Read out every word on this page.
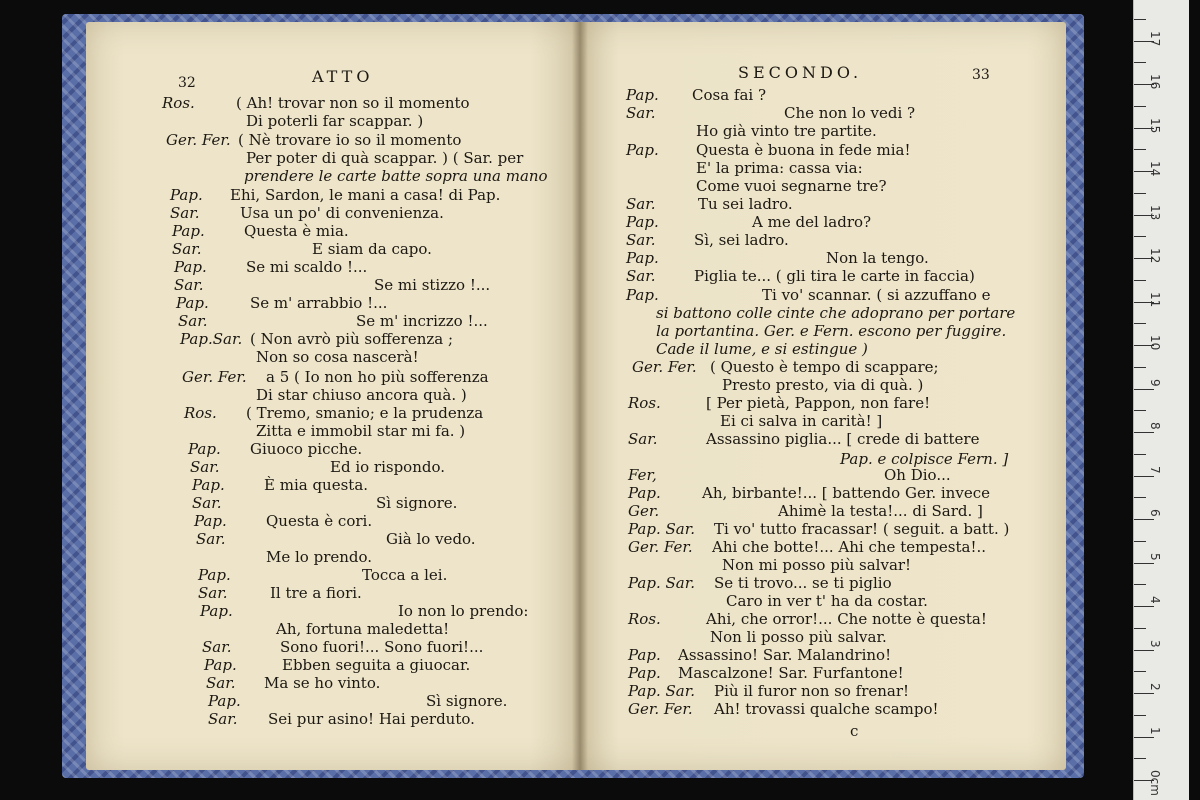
32	ATTO	SECONDO.	33
Ros.	( Ah! trovar non so il momento
Di poterli far scappar. )
Ger. Fer. ( Nè trovare io so il momento
Per poter di quà scappar. ) ( Sar. per
prendere le carte batte sopra una mano
Pap. Ehi, Sardon, le mani a casa! di Pap.
Sar.	Usa un po' di convenienza.
Pap.	Questa è mia.
Sar.	E siam da capo.
Pap.	Se mi scaldo !...
Sar.	Se mi stizzo !...
Pap.	Se m' arrabbio !...
Sar.	Se m' incrizzo !...
Pap.Sar. ( Non avrò più sofferenza ;
Non so cosa nascerà!
Ger. Fer. a 5 ( Io non ho più sofferenza
Di star chiuso ancora quà. )
Ros. ( Tremo, smanio; e la prudenza
Zitta e immobil star mi fa. )
Pap. Giuoco picche.
Sar.	Ed io rispondo.
Pap.	È mia questa.
Sar.	Sì signore.
Pap.	Questa è cori.
Sar.	Già lo vedo.
Me lo prendo.
Pap.	Tocca a lei.
Sar.	Il tre a fiori.
Pap.	Io non lo prendo:
Ah, fortuna maledetta!
Sar.	Sono fuori!... Sono fuori!...
Pap.	Ebben seguita a giuocar.
Sar. Ma se ho vinto.
Pap.	Sì signore.
Sar. Sei pur asino! Hai perduto.
Pap. Cosa fai ?
Sar.	Che non lo vedi ?
Ho già vinto tre partite.
Pap. Questa è buona in fede mia!
E' la prima: cassa via:
Come vuoi segnarne tre?
Sar.	Tu sei ladro.
Pap.	A me del ladro?
Sar.	Sì, sei ladro.
Pap.	Non la tengo.
Sar.	Piglia te... ( gli tira le carte in faccia)
Pap.	Ti vo' scannar. ( si azzuffano e
si battono colle cinte che adoprano per portare
la portantina. Ger. e Fern. escono per fuggire.
Cade il lume, e si estingue )
Ger. Fer. ( Questo è tempo di scappare;
Presto presto, via di quà. )
Ros.	[ Per pietà, Pappon, non fare!
Ei ci salva in carità! ]
Sar.	Assassino piglia... [ crede di battere
Pap. e colpisce Fern. ]
Fer,	Oh Dio...
Pap.	Ah, birbante!... [ battendo Ger. invece
Ger.	Ahimè la testa!... di Sard. ]
Pap. Sar. Ti vo' tutto fracassar! ( seguit. a batt. )
Ger. Fer. Ahi che botte!... Ahi che tempesta!..
Non mi posso più salvar!
Pap. Sar. Se ti trovo... se ti piglio
Caro in ver t' ha da costar.
Ros.	Ahi, che orror!... Che notte è questa!
Non li posso più salvar.
Pap. Assassino! Sar. Malandrino!
Pap. Mascalzone! Sar. Furfantone!
Pap. Sar. Più il furor non so frenar!
Ger. Fer. Ah! trovassi qualche scampo!
c
0cm
1
2
3
4
5
6
7
8
9
10
11
12
13
14
15
16
17
